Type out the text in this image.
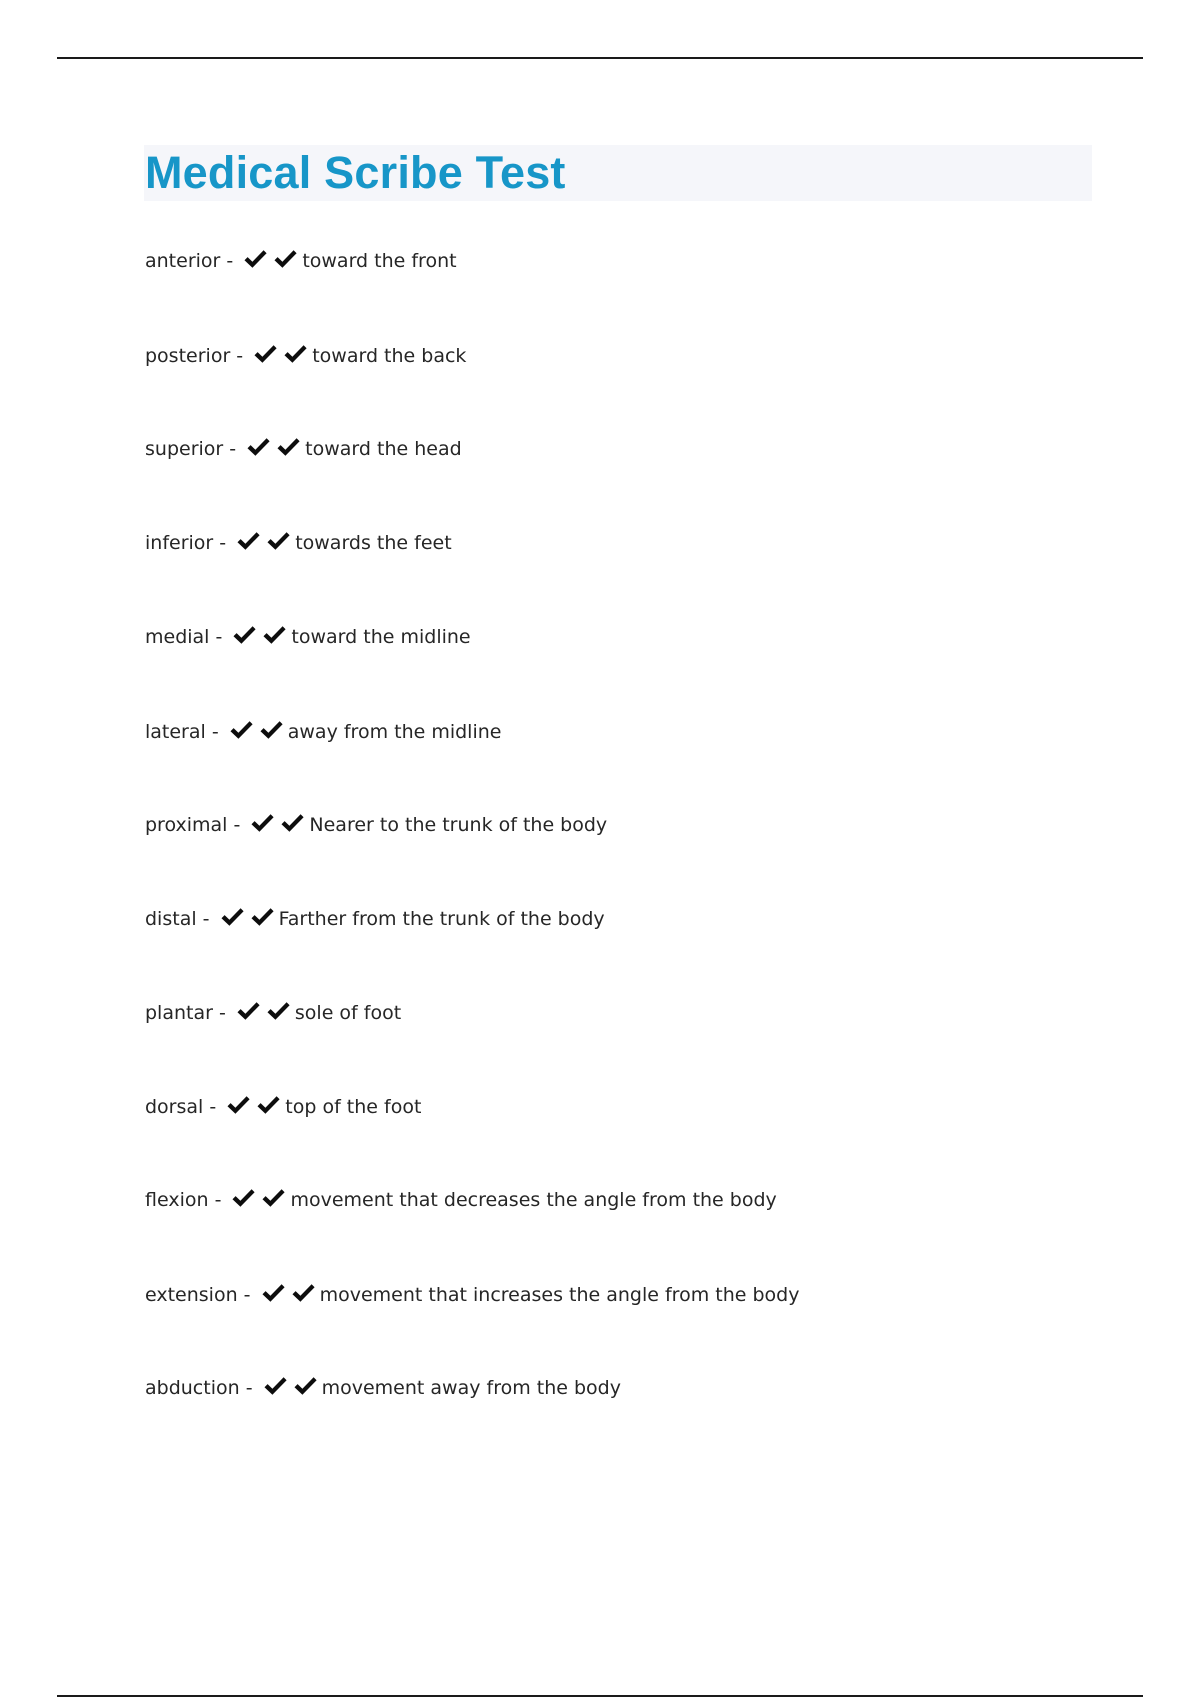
Medical Scribe Test
anterior -	toward the front
posterior -	toward the back
superior -	toward the head
inferior -	towards the feet
medial -	toward the midline
lateral -	away from the midline
proximal -	Nearer to the trunk of the body
distal -	Farther from the trunk of the body
plantar -	sole of foot
dorsal -	top of the foot
flexion -	movement that decreases the angle from the body
extension -	movement that increases the angle from the body
abduction -	movement away from the body
